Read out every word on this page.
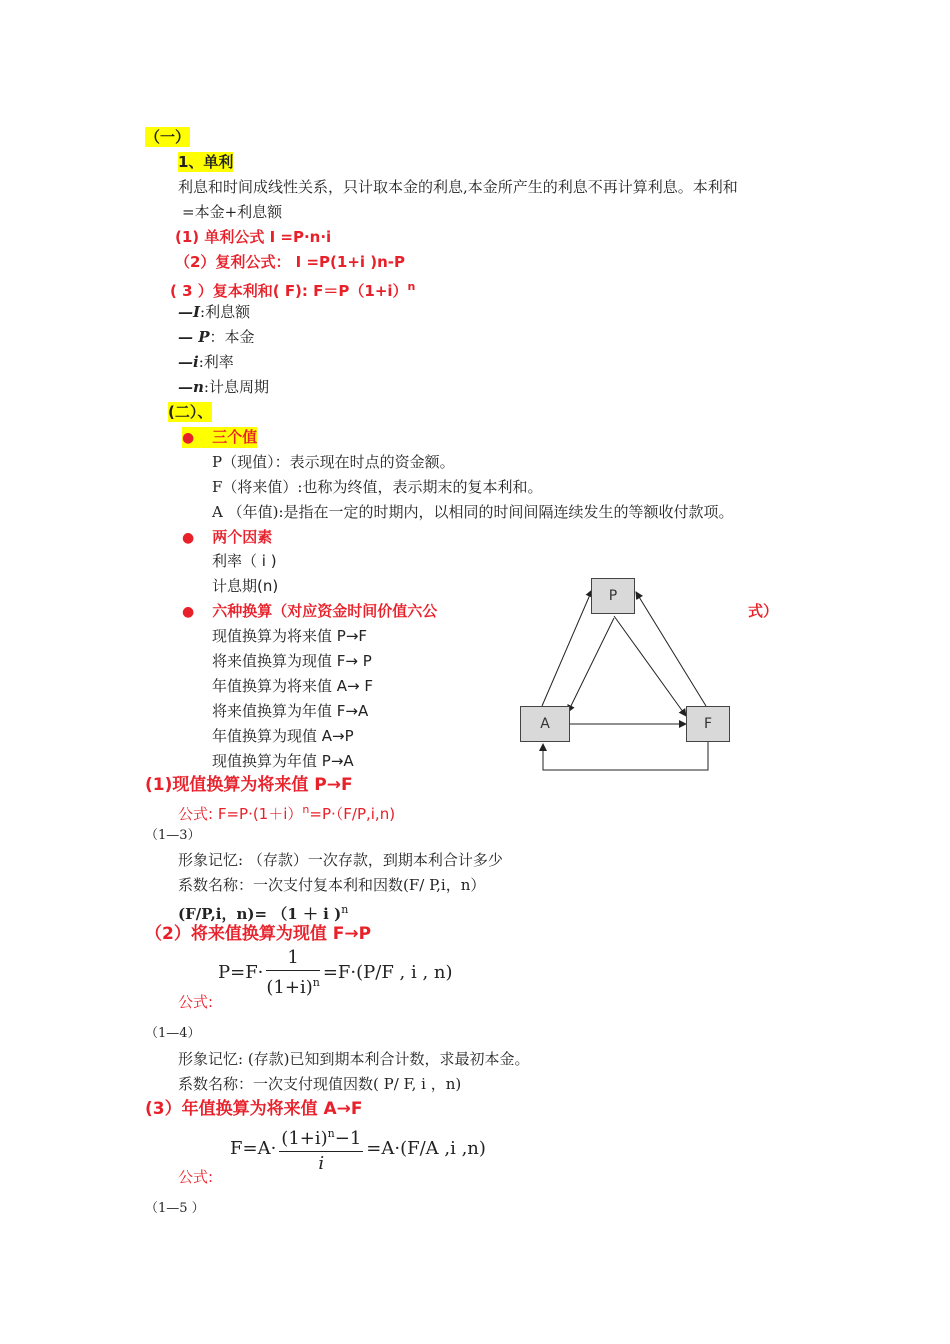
（一）
1、单利
利息和时间成线性关系，只计取本金的利息,本金所产生的利息不再计算利息。本利和
=本金+利息额
(1) 单利公式 I =P·n·i
（2）复利公式： I =P(1+i )n-P
( 3 ）复本利和( F): $F=P(1+i)^n$
—I:利息额
— P：本金
—i:利率
—n:计息周期
(二）、
● 三个值
P（现值）：表示现在时点的资金额。
F（将来值）:也称为终值，表示期末的复本利和。
A （年值):是指在一定的时期内，以相同的时间间隔连续发生的等额收付款项。
● 两个因素
利率（ i )
计息期(n)
● 六种换算（对应资金时间价值六公	式）
现值换算为将来值 P→F
将来值换算为现值 F→ P
年值换算为将来值 A→ F
将来值换算为年值 F→A
年值换算为现值 A→P
现值换算为年值 P→A
P
A	F
(1)现值换算为将来值 P→F
公式: F=P·(1＋i）$^n$=P·（F/P,i,n)
（1—3）
形象记忆: （存款）一次存款，到期本利合计多少
系数名称：一次支付复本利和因数(F/ P,i，n）
(F/P,i，n)= （1 ＋ i )$^n$
（2）将来值换算为现值 F→P
$P=F\cdot \frac{1}{(1+i)^n} =F\cdot(P/F$ , i , n)
公式:
（1—4）
形象记忆: (存款)已知到期本利合计数，求最初本金。
系数名称：一次支付现值因数( P/ F, i ，n)
(3）年值换算为将来值 A→F
$F=A\cdot \frac{(1+i)^n-1}{i} =A\cdot(F/A$ ,i ,n)
公式:
（1—5 ）
